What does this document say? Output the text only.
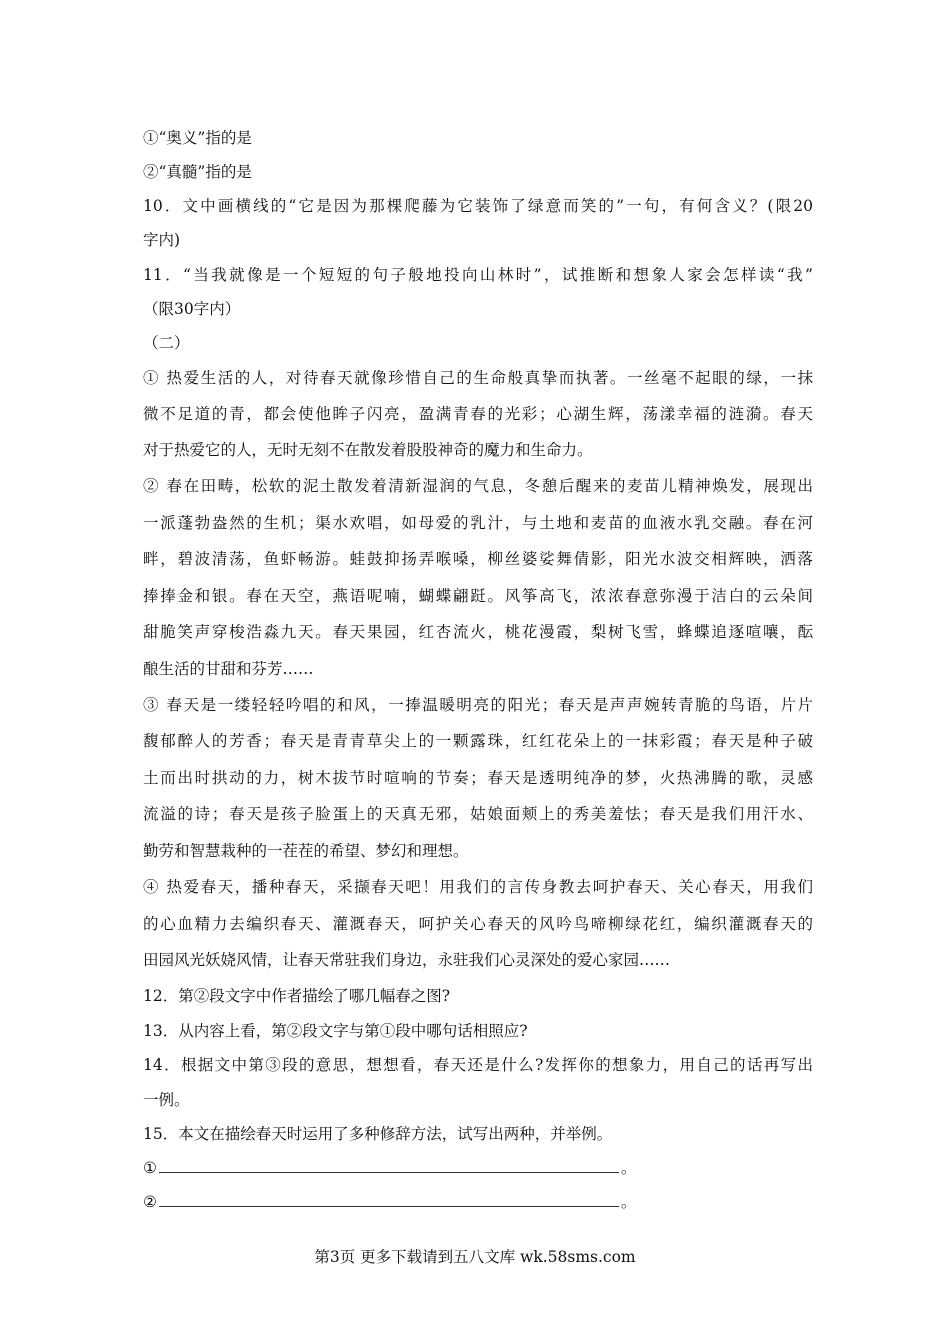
①“奥义”指的是
②“真髓”指的是
10．文中画横线的“它是因为那棵爬藤为它装饰了绿意而笑的”一句，有何含义？(限20
字内)
11．“当我就像是一个短短的句子般地投向山林时”，试推断和想象人家会怎样读“我”
（限30字内）
（二）
① 热爱生活的人，对待春天就像珍惜自己的生命般真挚而执著。一丝毫不起眼的绿，一抹
微不足道的青，都会使他眸子闪亮，盈满青春的光彩；心湖生辉，荡漾幸福的涟漪。春天
对于热爱它的人，无时无刻不在散发着股股神奇的魔力和生命力。
② 春在田畴，松软的泥土散发着清新湿润的气息，冬憩后醒来的麦苗儿精神焕发，展现出
一派蓬勃盎然的生机；渠水欢唱，如母爱的乳汁，与土地和麦苗的血液水乳交融。春在河
畔，碧波清荡，鱼虾畅游。蛙鼓抑扬弄喉嗓，柳丝婆娑舞倩影，阳光水波交相辉映，洒落
捧捧金和银。春在天空，燕语呢喃，蝴蝶翩跹。风筝高飞，浓浓春意弥漫于洁白的云朵间
甜脆笑声穿梭浩淼九天。春天果园，红杏流火，桃花漫霞，梨树飞雪，蜂蝶追逐喧嚷，酝
酿生活的甘甜和芬芳……
③ 春天是一缕轻轻吟唱的和风，一捧温暖明亮的阳光；春天是声声婉转青脆的鸟语，片片
馥郁醉人的芳香；春天是青青草尖上的一颗露珠，红红花朵上的一抹彩霞；春天是种子破
土而出时拱动的力，树木拔节时喧响的节奏；春天是透明纯净的梦，火热沸腾的歌，灵感
流溢的诗；春天是孩子脸蛋上的天真无邪，姑娘面颊上的秀美羞怯；春天是我们用汗水、
勤劳和智慧栽种的一茬茬的希望、梦幻和理想。
④ 热爱春天，播种春天，采撷春天吧！用我们的言传身教去呵护春天、关心春天，用我们
的心血精力去编织春天、灌溉春天，呵护关心春天的风吟鸟啼柳绿花红，编织灌溉春天的
田园风光妖娆风情，让春天常驻我们身边，永驻我们心灵深处的爱心家园……
12．第②段文字中作者描绘了哪几幅春之图?
13．从内容上看，第②段文字与第①段中哪句话相照应?
14．根据文中第③段的意思，想想看，春天还是什么?发挥你的想象力，用自己的话再写出
一例。
15．本文在描绘春天时运用了多种修辞方法，试写出两种，并举例。
①	。
②	。
第3页 更多下载请到五八文库 wk.58sms.com
